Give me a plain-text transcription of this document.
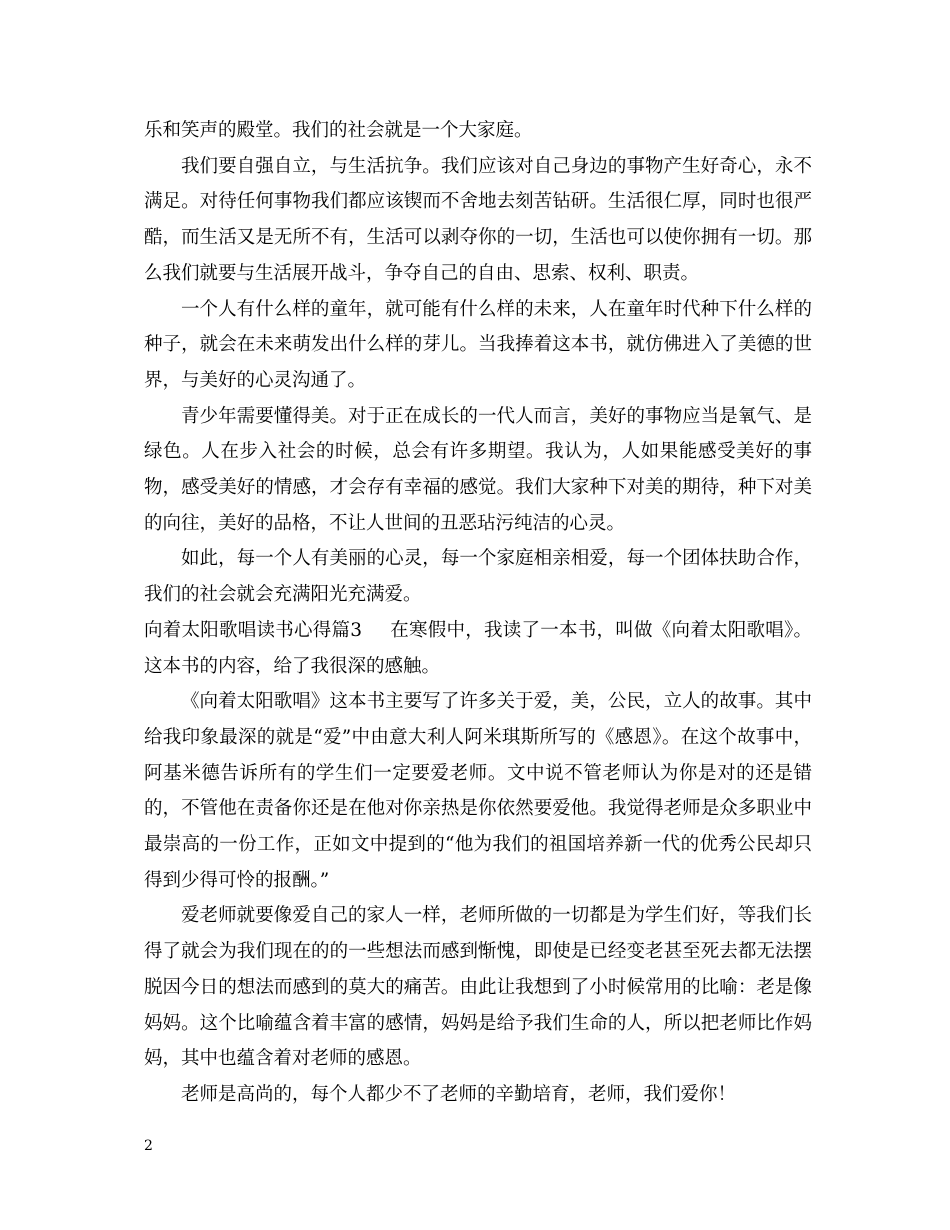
乐和笑声的殿堂。我们的社会就是一个大家庭。

我们要自强自立，与生活抗争。我们应该对自己身边的事物产生好奇心，永不满足。对待任何事物我们都应该锲而不舍地去刻苦钻研。生活很仁厚，同时也很严酷，而生活又是无所不有，生活可以剥夺你的一切，生活也可以使你拥有一切。那么我们就要与生活展开战斗，争夺自己的自由、思索、权利、职责。

一个人有什么样的童年，就可能有什么样的未来，人在童年时代种下什么样的种子，就会在未来萌发出什么样的芽儿。当我捧着这本书，就仿佛进入了美德的世界，与美好的心灵沟通了。

青少年需要懂得美。对于正在成长的一代人而言，美好的事物应当是氧气、是绿色。人在步入社会的时候，总会有许多期望。我认为，人如果能感受美好的事物，感受美好的情感，才会存有幸福的感觉。我们大家种下对美的期待，种下对美的向往，美好的品格，不让人世间的丑恶玷污纯洁的心灵。

如此，每一个人有美丽的心灵，每一个家庭相亲相爱，每一个团体扶助合作，我们的社会就会充满阳光充满爱。

向着太阳歌唱读书心得篇3 在寒假中，我读了一本书，叫做《向着太阳歌唱》。这本书的内容，给了我很深的感触。

《向着太阳歌唱》这本书主要写了许多关于爱，美，公民，立人的故事。其中给我印象最深的就是“爱”中由意大利人阿米琪斯所写的《感恩》。在这个故事中，阿基米德告诉所有的学生们一定要爱老师。文中说不管老师认为你是对的还是错的，不管他在责备你还是在他对你亲热是你依然要爱他。我觉得老师是众多职业中最崇高的一份工作，正如文中提到的“他为我们的祖国培养新一代的优秀公民却只得到少得可怜的报酬。”

爱老师就要像爱自己的家人一样，老师所做的一切都是为学生们好，等我们长得了就会为我们现在的的一些想法而感到惭愧，即使是已经变老甚至死去都无法摆脱因今日的想法而感到的莫大的痛苦。由此让我想到了小时候常用的比喻：老是像妈妈。这个比喻蕴含着丰富的感情，妈妈是给予我们生命的人，所以把老师比作妈妈，其中也蕴含着对老师的感恩。

老师是高尚的，每个人都少不了老师的辛勤培育，老师，我们爱你！

2
